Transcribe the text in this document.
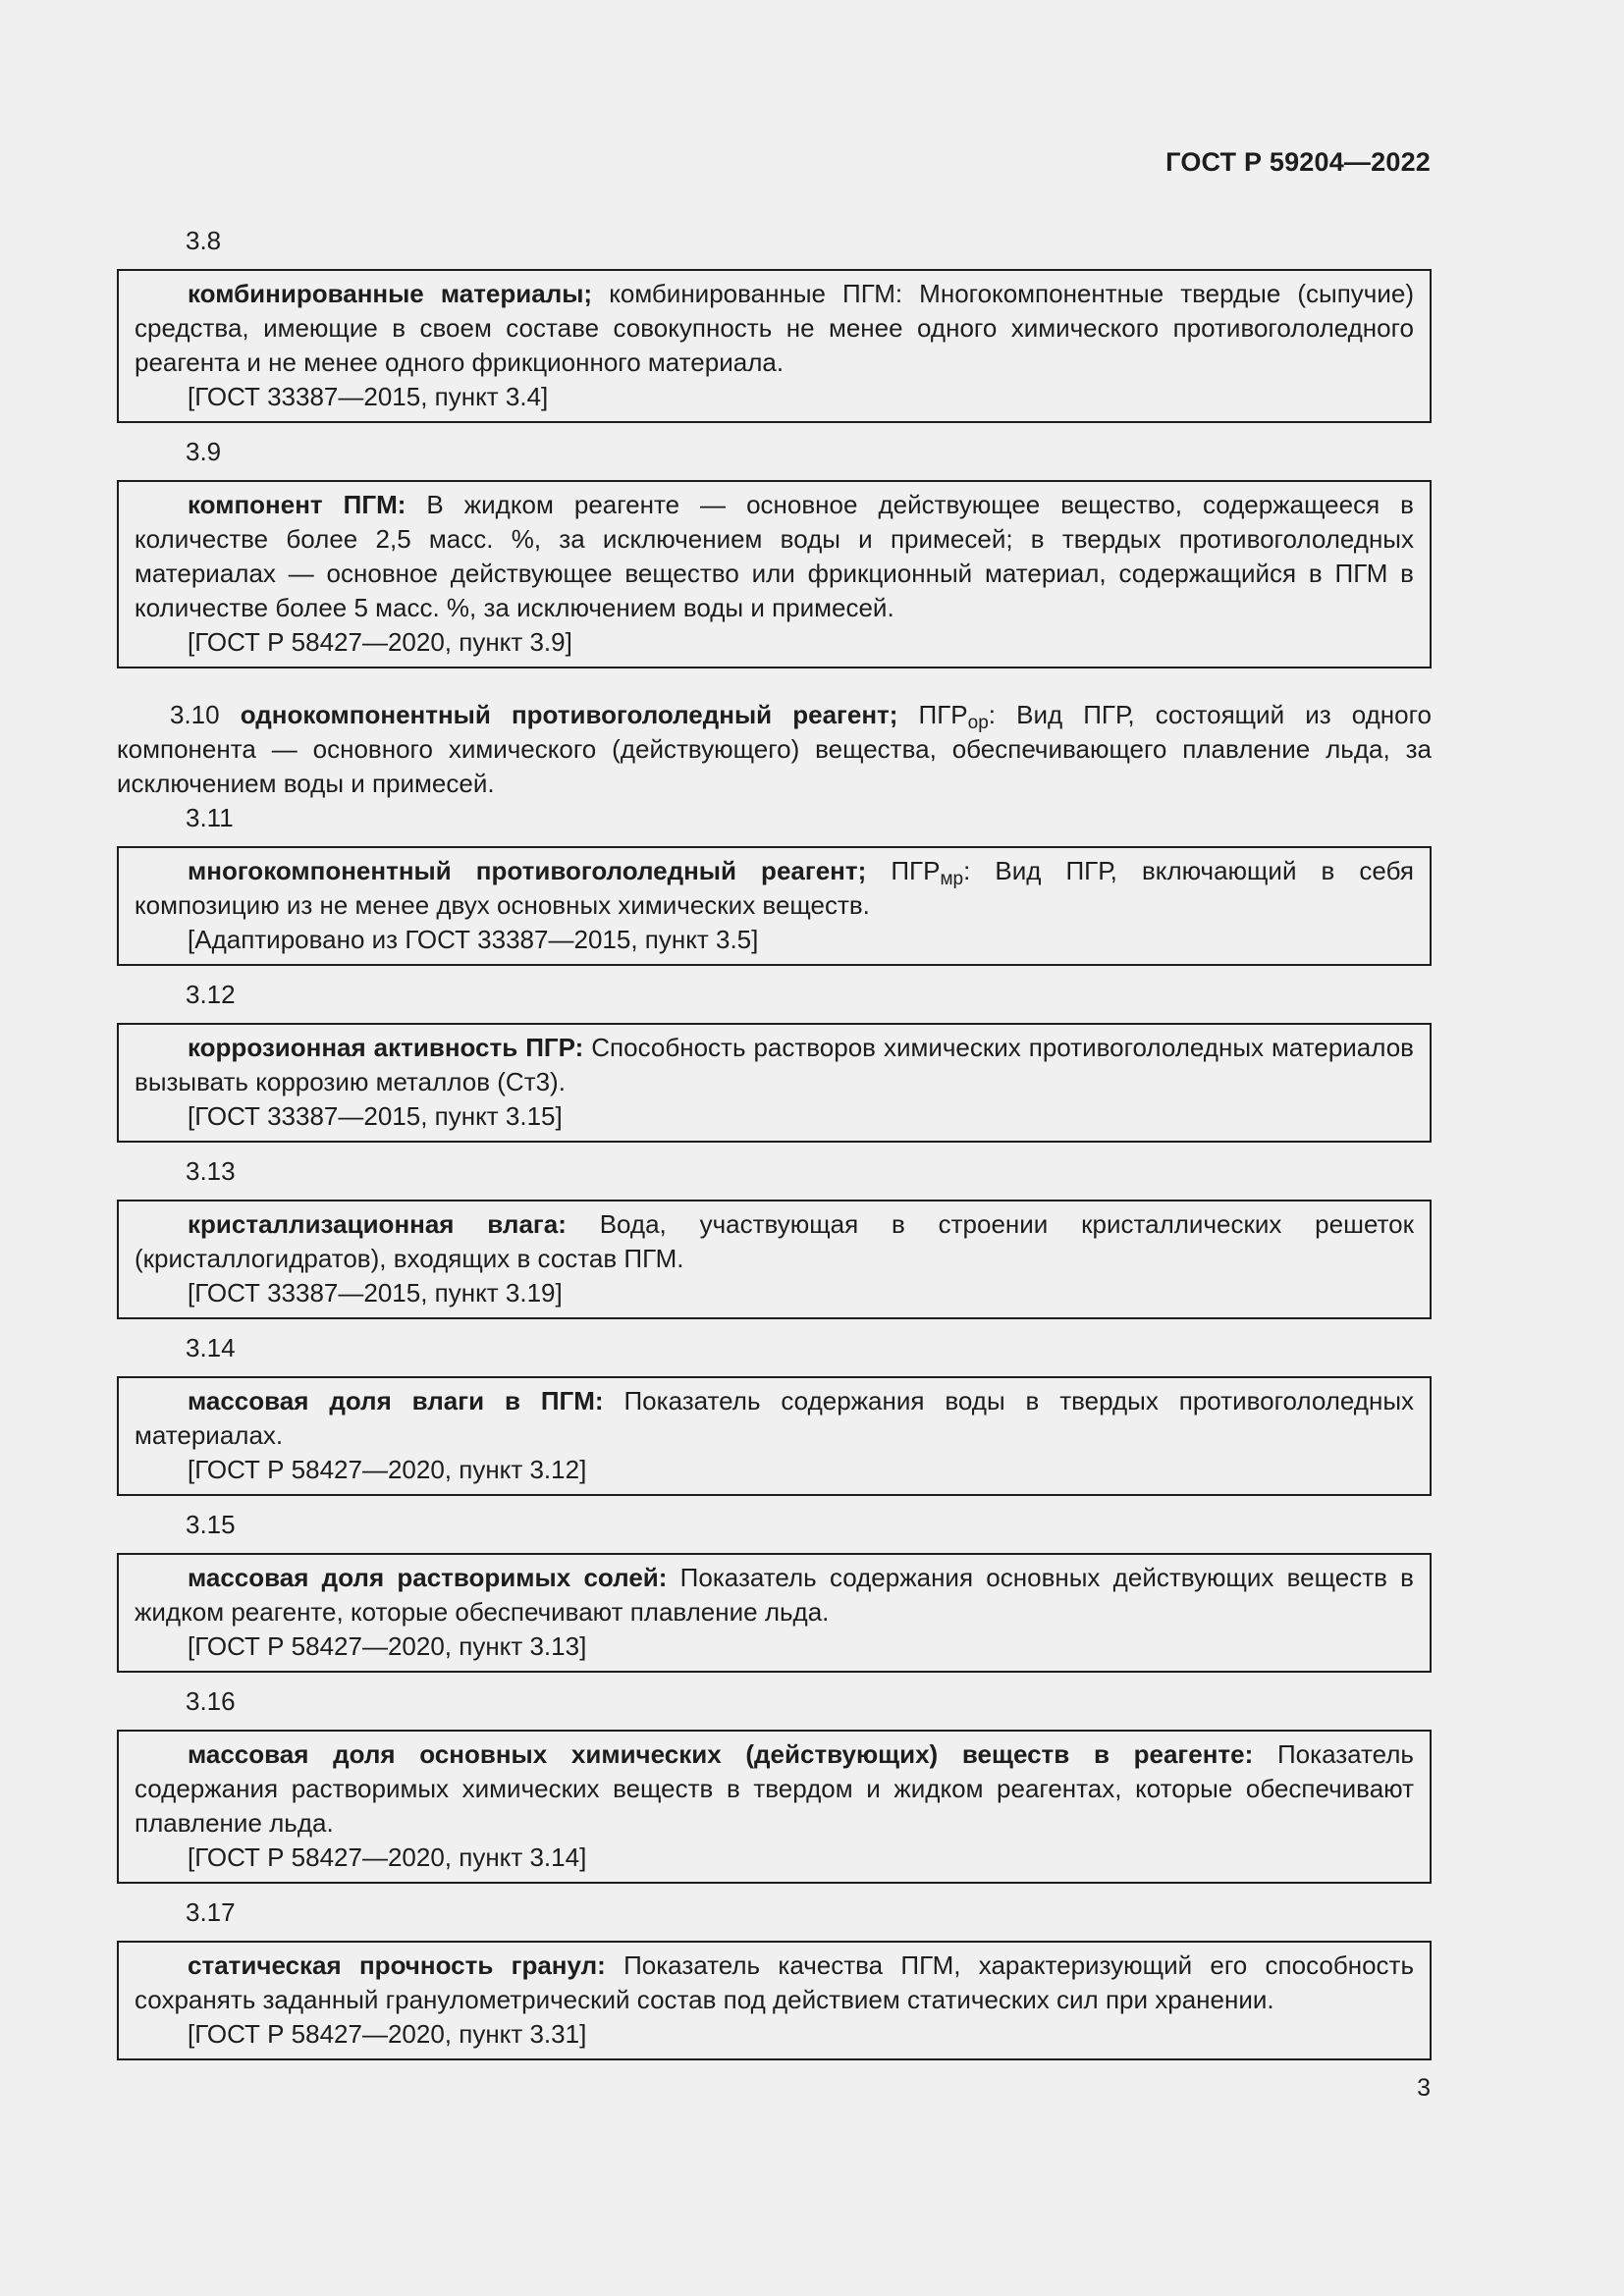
ГОСТ Р 59204—2022
3.8

комбинированные материалы; комбинированные ПГМ: Многокомпонентные твердые (сыпучие) средства, имеющие в своем составе совокупность не менее одного химического противогололедного реагента и не менее одного фрикционного материала.

[ГОСТ 33387—2015, пункт 3.4]

3.9

компонент ПГМ: В жидком реагенте — основное действующее вещество, содержащееся в количестве более 2,5 масс. %, за исключением воды и примесей; в твердых противогололедных материалах — основное действующее вещество или фрикционный материал, содержащийся в ПГМ в количестве более 5 масс. %, за исключением воды и примесей.

[ГОСТ Р 58427—2020, пункт 3.9]

3.10 однокомпонентный противогололедный реагент; $ПГР_{ор}$: Вид ПГР, состоящий из одного компонента — основного химического (действующего) вещества, обеспечивающего плавление льда, за исключением воды и примесей.

3.11

многокомпонентный противогололедный реагент; $ПГР_{мр}$: Вид ПГР, включающий в себя композицию из не менее двух основных химических веществ.

[Адаптировано из ГОСТ 33387—2015, пункт 3.5]

3.12

коррозионная активность ПГР: Способность растворов химических противогололедных материалов вызывать коррозию металлов (Ст3).

[ГОСТ 33387—2015, пункт 3.15]

3.13

кристаллизационная влага: Вода, участвующая в строении кристаллических решеток (кристаллогидратов), входящих в состав ПГМ.

[ГОСТ 33387—2015, пункт 3.19]

3.14

массовая доля влаги в ПГМ: Показатель содержания воды в твердых противогололедных материалах.

[ГОСТ Р 58427—2020, пункт 3.12]

3.15

массовая доля растворимых солей: Показатель содержания основных действующих веществ в жидком реагенте, которые обеспечивают плавление льда.

[ГОСТ Р 58427—2020, пункт 3.13]

3.16

массовая доля основных химических (действующих) веществ в реагенте: Показатель содержания растворимых химических веществ в твердом и жидком реагентах, которые обеспечивают плавление льда.

[ГОСТ Р 58427—2020, пункт 3.14]

3.17

статическая прочность гранул: Показатель качества ПГМ, характеризующий его способность сохранять заданный гранулометрический состав под действием статических сил при хранении.

[ГОСТ Р 58427—2020, пункт 3.31]

3
